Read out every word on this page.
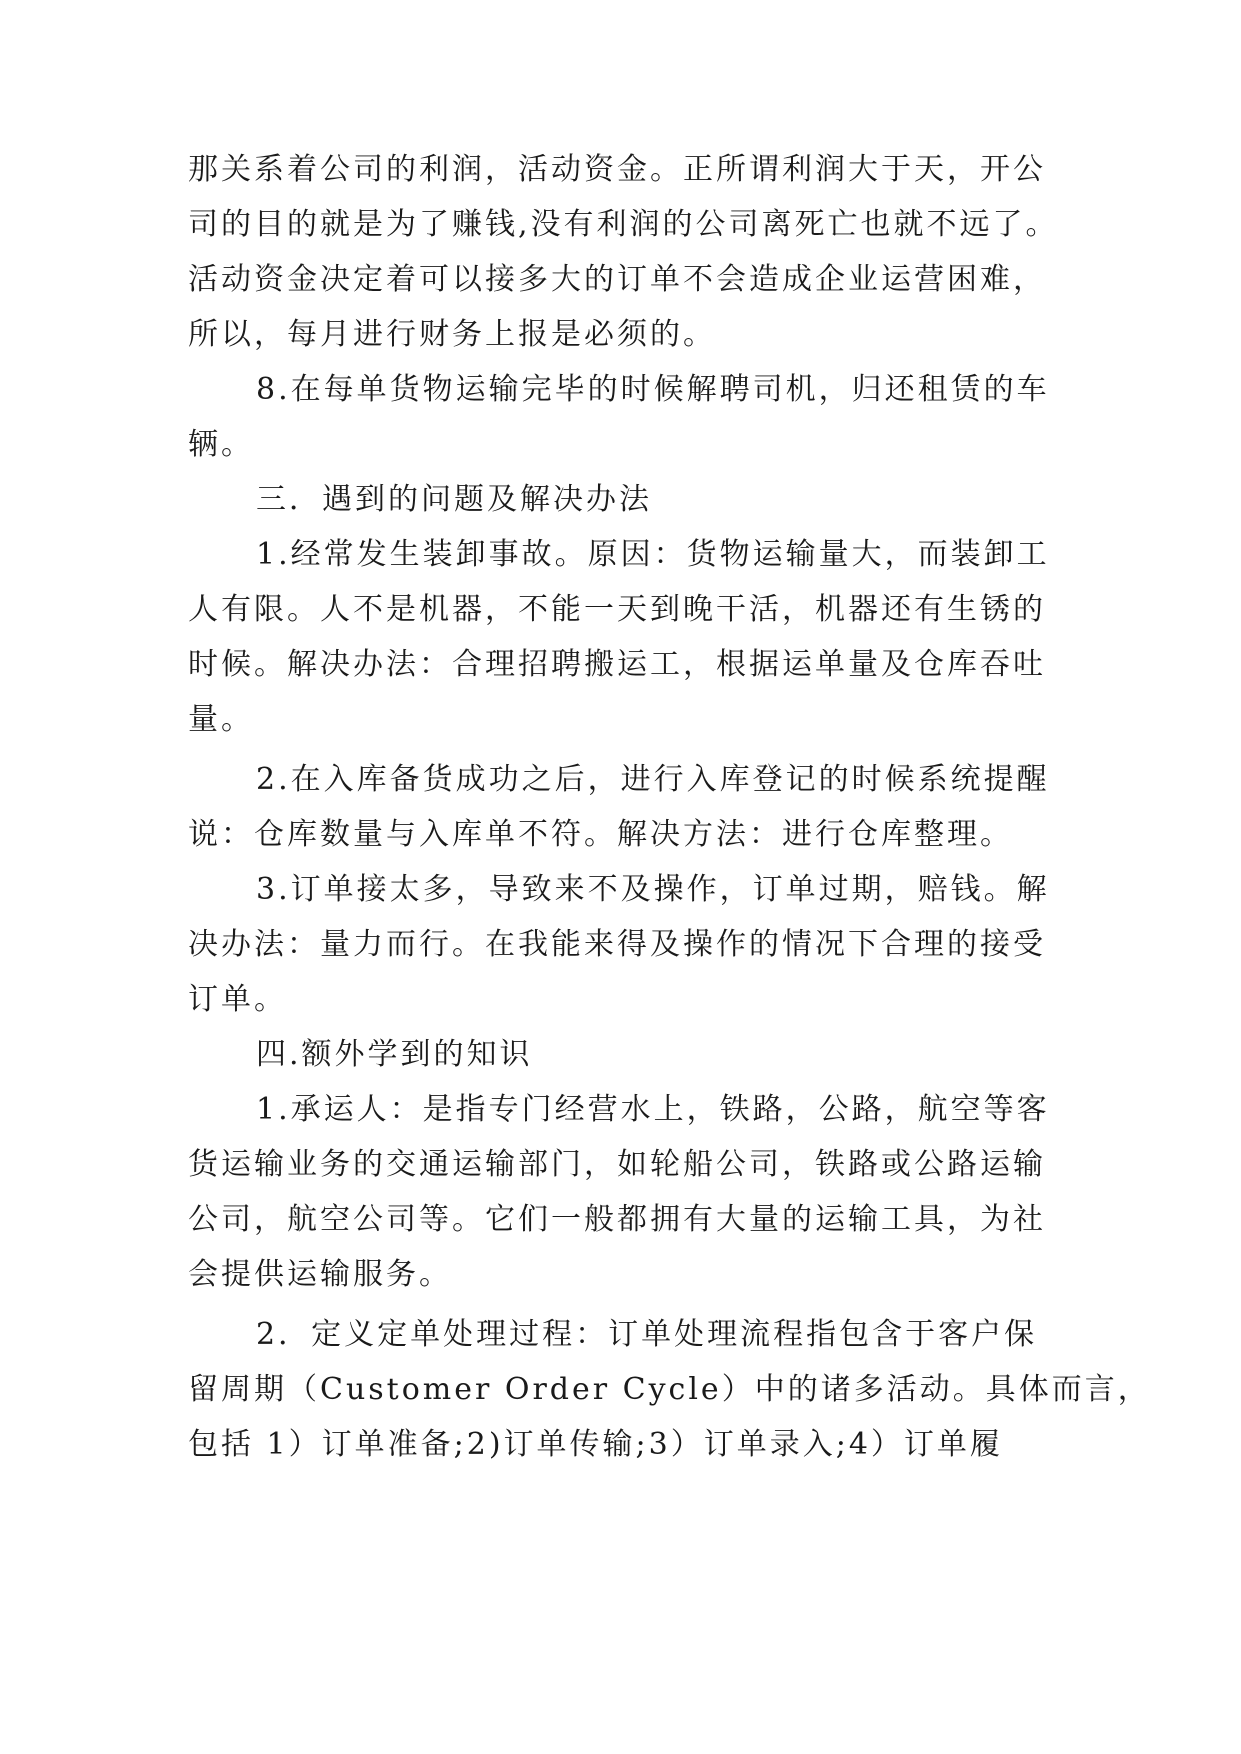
那关系着公司的利润，活动资金。正所谓利润大于天，开公
司的目的就是为了赚钱,没有利润的公司离死亡也就不远了。
活动资金决定着可以接多大的订单不会造成企业运营困难，
所以，每月进行财务上报是必须的。
8.在每单货物运输完毕的时候解聘司机，归还租赁的车
辆。
三．遇到的问题及解决办法
1.经常发生装卸事故。原因：货物运输量大，而装卸工
人有限。人不是机器，不能一天到晚干活，机器还有生锈的
时候。解决办法：合理招聘搬运工，根据运单量及仓库吞吐
量。
2.在入库备货成功之后，进行入库登记的时候系统提醒
说：仓库数量与入库单不符。解决方法：进行仓库整理。
3.订单接太多，导致来不及操作，订单过期，赔钱。解
决办法：量力而行。在我能来得及操作的情况下合理的接受
订单。
四.额外学到的知识
1.承运人：是指专门经营水上，铁路，公路，航空等客
货运输业务的交通运输部门，如轮船公司，铁路或公路运输
公司，航空公司等。它们一般都拥有大量的运输工具，为社
会提供运输服务。
2．定义定单处理过程：订单处理流程指包含于客户保
留周期（Customer Order Cycle）中的诸多活动。具体而言，
包括 1）订单准备;2)订单传输;3）订单录入;4）订单履
